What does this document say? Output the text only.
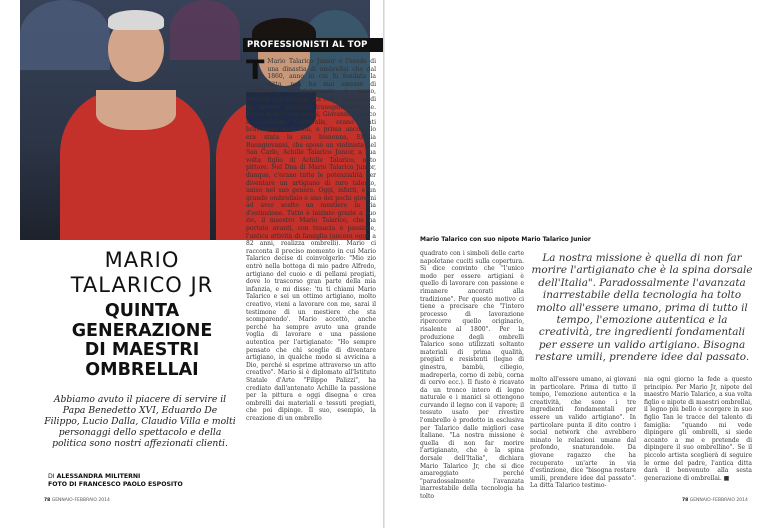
Mario Talarico con suo nipote Mario Talarico Junior
PROFESSIONISTI AL TOP

T Mario Talarico Junior è l'erede di una dinastia di ombrellai che dal 1860, anno in cui fu fondata la ditta, non ha mai smesso di realizzare, completamente a mano, pregiati parapioggia. La sua è la storia di un talento artistico transgenerazionale. Prima di lui i suoi nonni, Giovanni Talarico e Concetta Carlevalis, erano stati bravissimi ombrellai, e prima ancora lo era stata la sua bisnonna, Emilia Buongiovanni, che sposò un violinista del San Carlo, Achille Talarico Junior, a sua volta figlio di Achille Talarico, noto pittore. Nel Dna di Mario Talarico Junior, dunque, c'erano tutte le potenzialità per diventare un artigiano di raro talento, unico nel suo genere. Oggi, infatti, è un grande ombrellaio e uno dei pochi giovani ad aver scelto un mestiere in via d'estinzione. Tutto è iniziato grazie a suo zio, il maestro Mario Talarico, che ha portato avanti, con tenacia e passione, l'antica attività di famiglia (ancora oggi, a 82 anni, realizza ombrelli). Mario ci racconta il preciso momento in cui Mario Talarico decise di coinvolgerlo: "Mio zio entrò nella bottega di mio padre Alfredo, artigiano del cuoio e di pellami pregiati, dove lo trascorso gran parte della mia infanzia, e mi disse: 'tu ti chiami Mario Talarico e sei un ottimo artigiano, molto creativo, vieni a lavorare con me, sarai il testimone di un mestiere che sta scomparendo'. Mario accettò, anche perché ha sempre avuto una grande voglia di lavorare e una passione autentica per l'artigianato: "Ho sempre pensato che chi sceglie di diventare artigiano, in qualche modo si avvicina a Dio, perché si esprime attraverso un atto creativo". Mario si è diplomato all'Istituto Statale d'Arte "Filippo Palizzi", ha crediato dall'antenato Achille la passione per la pittura e oggi disegna e crea ombrelli dai materiali e tessuti pregiati, che poi dipinge. Il suo, esempio, la creazione di un ombrello

MARIO
TALARICO JR
QUINTA
GENERAZIONE
DI MAESTRI
OMBRELLAI
Abbiamo avuto il piacere di servire il Papa Benedetto XVI, Eduardo De Filippo, Lucio Dalla, Claudio Villa e molti personaggi dello spettacolo e della politica sono nostri affezionati clienti.
DI ALESSANDRA MILITERNI
FOTO DI FRANCESCO PAOLO ESPOSITO

quadrato con i simboli delle carte napoletane cuciti sulla copertura. Si dice convinto che "l'unico modo per essere artigiani è quello di lavorare con passione e rimanere ancorati alla tradizione". Per questo motivo ci tiene a precisare che "l'intero processo di lavorazione ripercorre quello originario, risalente al 1800". Per la produzione degli ombrelli Talarico sono utilizzati soltanto materiali di prima qualità, pregiati e resistenti (legno di ginestra, bambù, ciliegio, madreperla, corno di zebù, corna di cervo ecc.). Il fusto è ricavato da un tronco intero di legno naturale e i manici si ottengono curvando il legno con il vapore; il tessuto usato per rivestire l'ombrello è prodotto in esclusiva per Talarico dalle migliori case italiane. "La nostra missione è quella di non far morire l'artigianato, che è la spina dorsale dell'Italia", dichiara Mario Talarico Jr, che si dice amareggiato perché "paradossalmente l'avanzata inarrestabile della tecnologia ha tolto

La nostra missione è quella di non far morire l'artigianato che è la spina dorsale dell'Italia". Paradossalmente l'avanzata inarrestabile della tecnologia ha tolto molto all'essere umano, prima di tutto il tempo, l'emozione autentica e la creatività, tre ingredienti fondamentali per essere un valido artigiano. Bisogna restare umili, prendere idee dal passato.

molto all'essere umano, ai giovani in particolare. Prima di tutto il tempo, l'emozione autentica e la creatività, che sono i tre ingredienti fondamentali per essere un valido artigiano". In particolare punta il dito contro i social network che avrebbero minato le relazioni umane dal profondo, snaturandole. Da giovane ragazzo che ha recuperato un'arte in via d'estinzione, dice "bisogna restare umili, prendere idee dal passato". La ditta Talarico testimo-

nia ogni giorno la fede a questo principio. Per Mario Jr, nipote del maestro Mario Talarico, a sua volta figlio e nipote di maestri ombrellai, il legno più bello è scorgere in suo figlio Tan le tracce del talento di famiglia: "quando mi vede dipingere gli ombrelli, si siede accanto a me e pretende di dipingere il suo ombrellino". Se il piccolo artista sceglierà di seguire le orme del padre, l'antica ditta darà il benvenuto alla sesta generazione di ombrellai. ■

78 GENNAIO-FEBBRAIO 2014	78 GENNAIO-FEBBRAIO 2014
